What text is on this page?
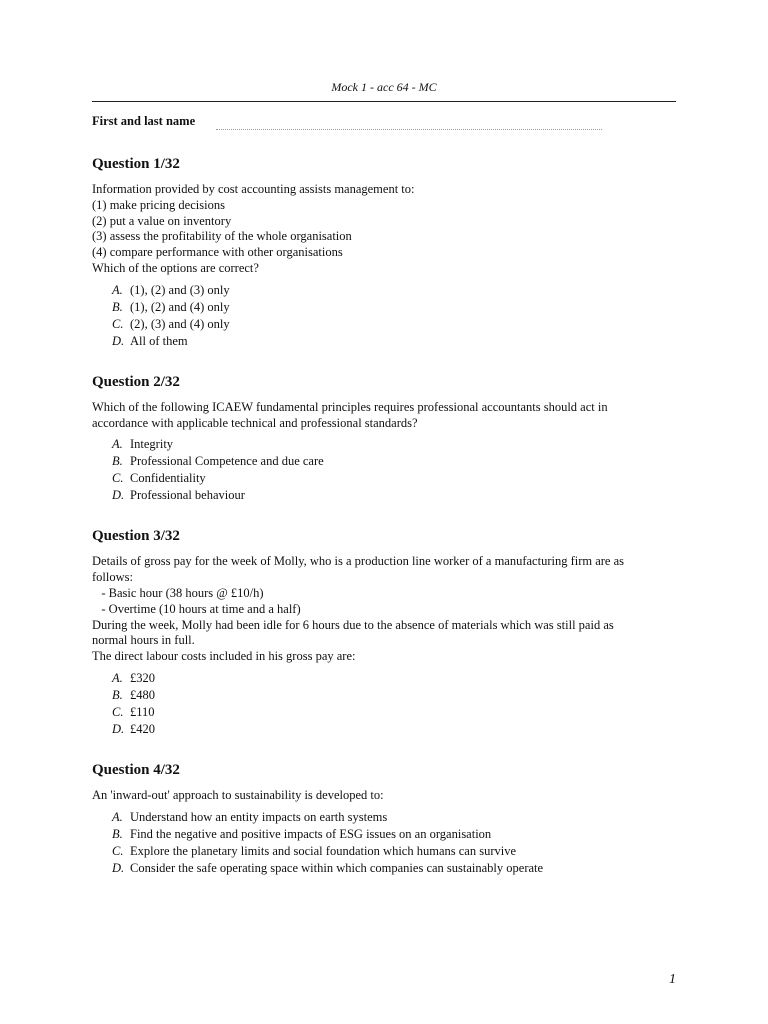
Mock 1 - acc 64 - MC
First and last name
Question 1/32
Information provided by cost accounting assists management to:
(1) make pricing decisions
(2) put a value on inventory
(3) assess the profitability of the whole organisation
(4) compare performance with other organisations
Which of the options are correct?
A. (1), (2) and (3) only
B. (1), (2) and (4) only
C. (2), (3) and (4) only
D. All of them
Question 2/32
Which of the following ICAEW fundamental principles requires professional accountants should act in accordance with applicable technical and professional standards?
A. Integrity
B. Professional Competence and due care
C. Confidentiality
D. Professional behaviour
Question 3/32
Details of gross pay for the week of Molly, who is a production line worker of a manufacturing firm are as follows:
- Basic hour (38 hours @ £10/h)
- Overtime (10 hours at time and a half)
During the week, Molly had been idle for 6 hours due to the absence of materials which was still paid as normal hours in full.
The direct labour costs included in his gross pay are:
A. £320
B. £480
C. £110
D. £420
Question 4/32
An 'inward-out' approach to sustainability is developed to:
A. Understand how an entity impacts on earth systems
B. Find the negative and positive impacts of ESG issues on an organisation
C. Explore the planetary limits and social foundation which humans can survive
D. Consider the safe operating space within which companies can sustainably operate
1
